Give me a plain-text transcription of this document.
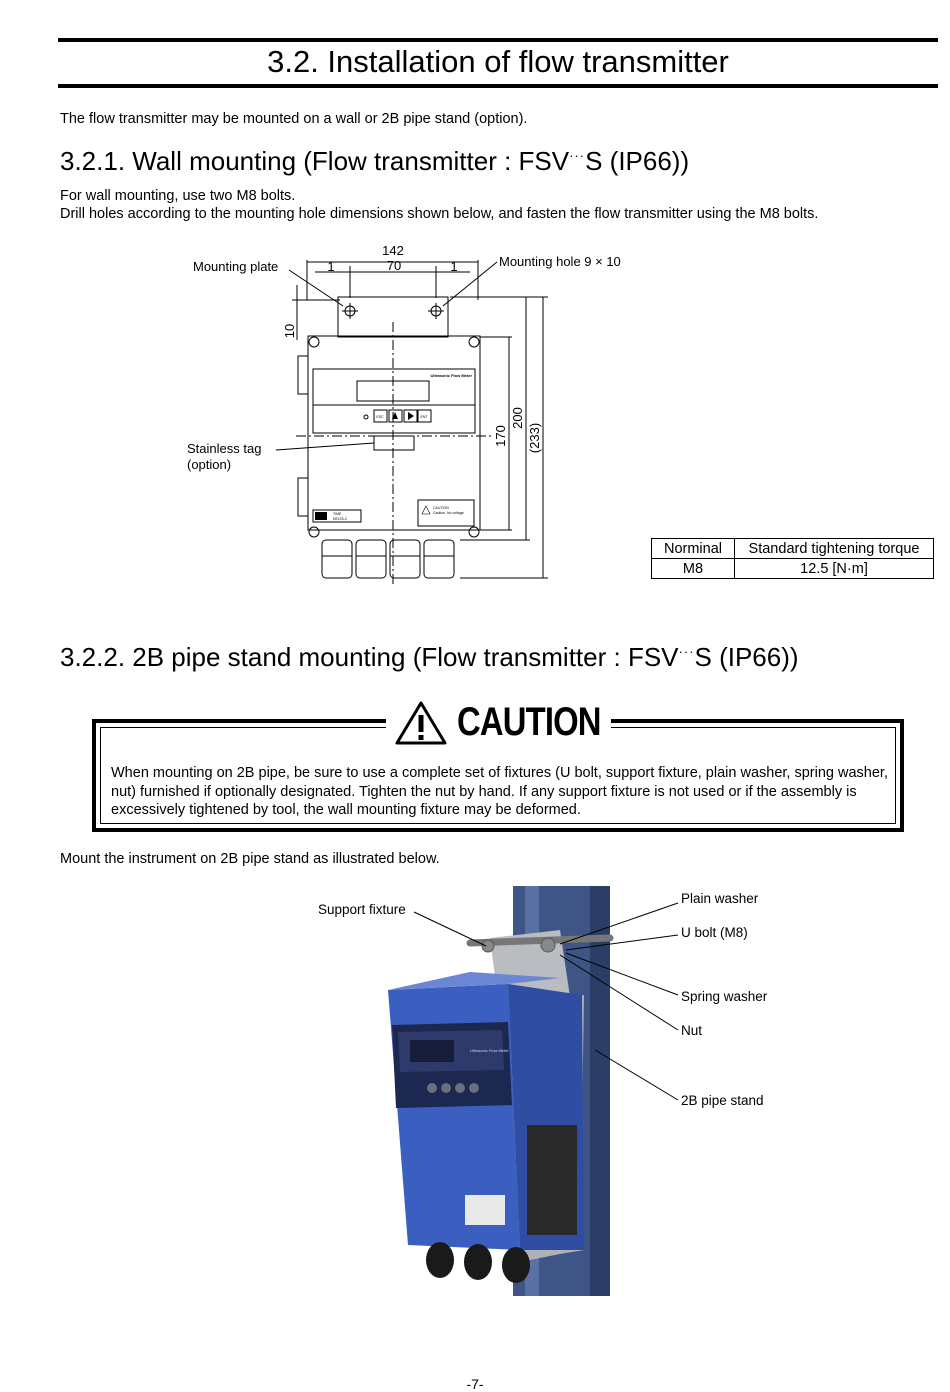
3.2. Installation of flow transmitter
The flow transmitter may be mounted on a wall or 2B pipe stand (option).
3.2.1. Wall mounting (Flow transmitter : FSV···S (IP66))
For wall mounting, use two M8 bolts.
Drill holes according to the mounting hole dimensions shown below, and fasten the flow transmitter using the M8 bolts.
142
70
1	1
10
170
200
(233)
Mounting plate	Mounting hole 9 × 10
Stainless tag
(option)
Ultrasonic Flow Meter
ESC	ENT
TIME
DELTA-C
CAUTION
Caution. No voltage
Norminal	Standard tightening torque
M8	12.5 [N·m]
3.2.2. 2B pipe stand mounting (Flow transmitter : FSV···S (IP66))
When mounting on 2B pipe, be sure to use a complete set of fixtures (U bolt, support fixture, plain washer, spring washer, nut) furnished if optionally designated. Tighten the nut by hand. If any support fixture is not used or if the assembly is excessively tightened by tool, the wall mounting fixture may be deformed.
CAUTION
Mount the instrument on 2B pipe stand as illustrated below.
Ultrasonic Flow Meter
Support fixture
Plain washer
U bolt (M8)
Spring washer
Nut
2B pipe stand
-7-
